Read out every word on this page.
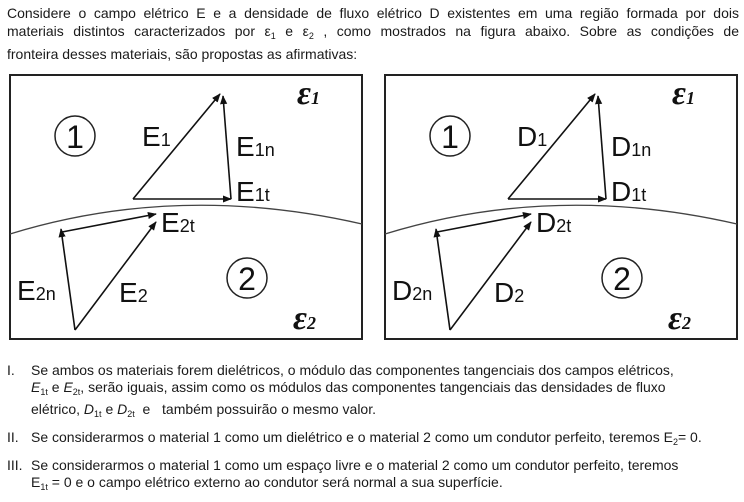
Considere o campo elétrico E e a densidade de fluxo elétrico D existentes em uma região formada por dois
materiais distintos caracterizados por $\varepsilon_1$ e $\varepsilon_2$ , como mostrados na figura abaixo. Sobre as condições de
fronteira desses materiais, são propostas as afirmativas:

1
2
ε1
ε2
E1 E1n
E1t
E2t
E2n E2
1
2
ε1
ε2
D1 D1n
D1t
D2t
D2n D2
I. Se ambos os materiais forem dielétricos, o módulo das componentes tangenciais dos campos elétricos,
$E_{1t}$ e $E_{2t}$, serão iguais, assim como os módulos das componentes tangenciais das densidades de fluxo
elétrico, $D_{1t}$ e $D_{2t}$  e   também possuirão o mesmo valor.
II. Se considerarmos o material 1 como um dielétrico e o material 2 como um condutor perfeito, teremos $E_2= 0$.
III. Se considerarmos o material 1 como um espaço livre e o material 2 como um condutor perfeito, teremos
$E_{1t} = 0$ e o campo elétrico externo ao condutor será normal a sua superfície.
